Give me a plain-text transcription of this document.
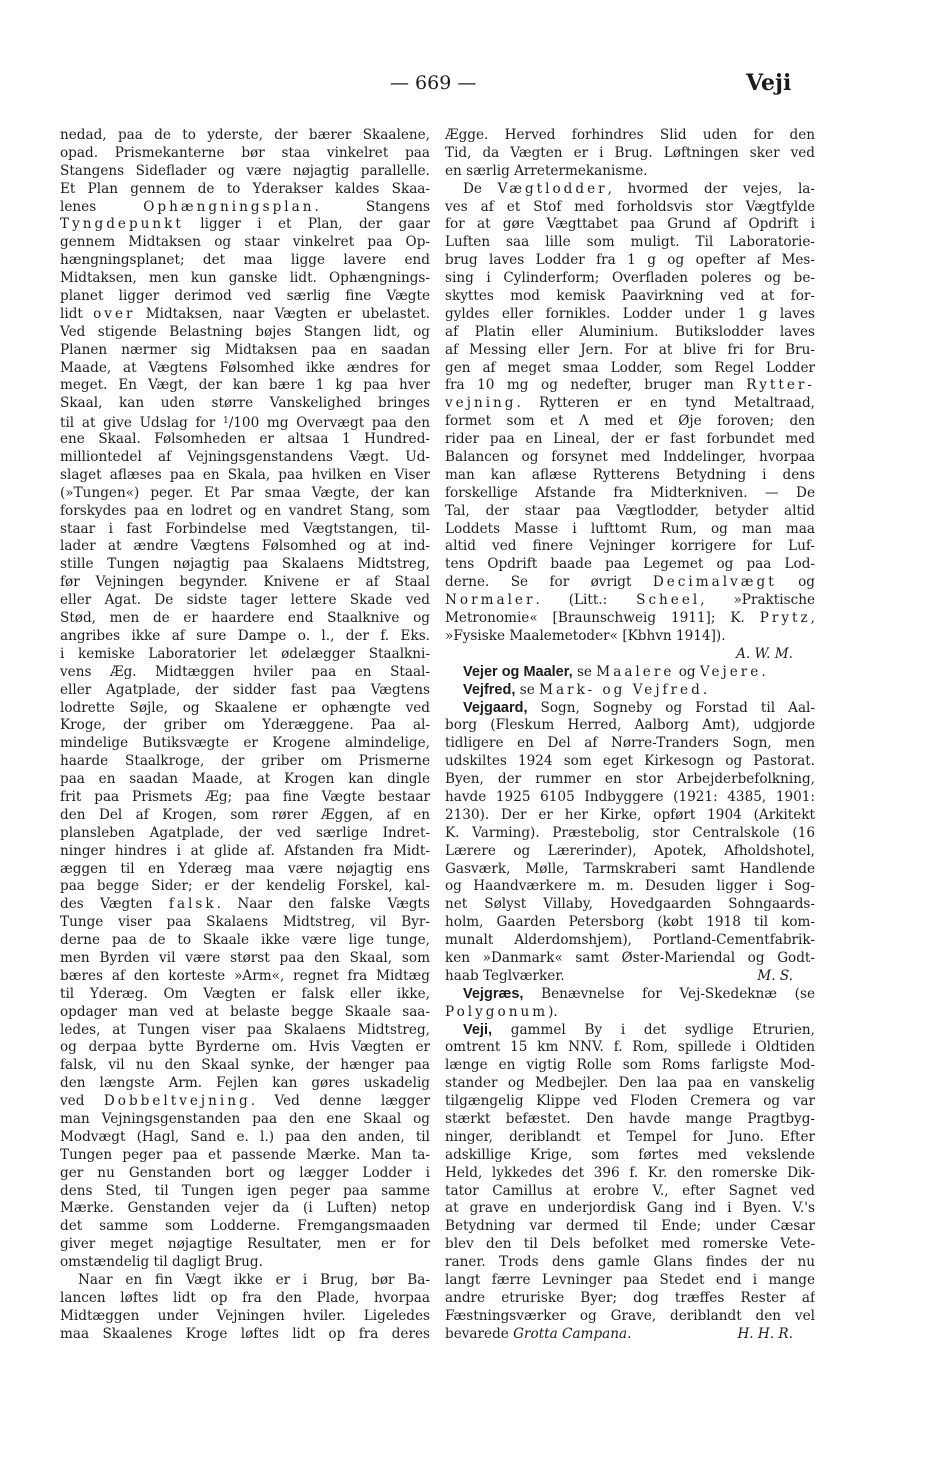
— 669 —	Veji
nedad, paa de to yderste, der bærer Skaalene,
opad. Prismekanterne bør staa vinkelret paa
Stangens Sideflader og være nøjagtig parallelle.
Et Plan gennem de to Yderakser kaldes Skaa-
lenes Ophængningsplan. Stangens
Tyngdepunkt ligger i et Plan, der gaar
gennem Midtaksen og staar vinkelret paa Op-
hængningsplanet; det maa ligge lavere end
Midtaksen, men kun ganske lidt. Ophængnings-
planet ligger derimod ved særlig fine Vægte
lidt over Midtaksen, naar Vægten er ubelastet.
Ved stigende Belastning bøjes Stangen lidt, og
Planen nærmer sig Midtaksen paa en saadan
Maade, at Vægtens Følsomhed ikke ændres for
meget. En Vægt, der kan bære 1 kg paa hver
Skaal, kan uden større Vanskelighed bringes
til at give Udslag for $^1$/100 mg Overvægt paa den
ene Skaal. Følsomheden er altsaa 1 Hundred-
milliontedel af Vejningsgenstandens Vægt. Ud-
slaget aflæses paa en Skala, paa hvilken en Viser
(»Tungen«) peger. Et Par smaa Vægte, der kan
forskydes paa en lodret og en vandret Stang, som
staar i fast Forbindelse med Vægtstangen, til-
lader at ændre Vægtens Følsomhed og at ind-
stille Tungen nøjagtig paa Skalaens Midtstreg,
før Vejningen begynder. Knivene er af Staal
eller Agat. De sidste tager lettere Skade ved
Stød, men de er haardere end Staalknive og
angribes ikke af sure Dampe o. l., der f. Eks.
i kemiske Laboratorier let ødelægger Staalkni-
vens Æg. Midtæggen hviler paa en Staal-
eller Agatplade, der sidder fast paa Vægtens
lodrette Søjle, og Skaalene er ophængte ved
Kroge, der griber om Yderæggene. Paa al-
mindelige Butiksvægte er Krogene almindelige,
haarde Staalkroge, der griber om Prismerne
paa en saadan Maade, at Krogen kan dingle
frit paa Prismets Æg; paa fine Vægte bestaar
den Del af Krogen, som rører Æggen, af en
plansleben Agatplade, der ved særlige Indret-
ninger hindres i at glide af. Afstanden fra Midt-
æggen til en Yderæg maa være nøjagtig ens
paa begge Sider; er der kendelig Forskel, kal-
des Vægten falsk. Naar den falske Vægts
Tunge viser paa Skalaens Midtstreg, vil Byr-
derne paa de to Skaale ikke være lige tunge,
men Byrden vil være størst paa den Skaal, som
bæres af den korteste »Arm«, regnet fra Midtæg
til Yderæg. Om Vægten er falsk eller ikke,
opdager man ved at belaste begge Skaale saa-
ledes, at Tungen viser paa Skalaens Midtstreg,
og derpaa bytte Byrderne om. Hvis Vægten er
falsk, vil nu den Skaal synke, der hænger paa
den længste Arm. Fejlen kan gøres uskadelig
ved Dobbeltvejning. Ved denne lægger
man Vejningsgenstanden paa den ene Skaal og
Modvægt (Hagl, Sand e. l.) paa den anden, til
Tungen peger paa et passende Mærke. Man ta-
ger nu Genstanden bort og lægger Lodder i
dens Sted, til Tungen igen peger paa samme
Mærke. Genstanden vejer da (i Luften) netop
det samme som Lodderne. Fremgangsmaaden
giver meget nøjagtige Resultater, men er for
omstændelig til dagligt Brug.
Naar en fin Vægt ikke er i Brug, bør Ba-
lancen løftes lidt op fra den Plade, hvorpaa
Midtæggen under Vejningen hviler. Ligeledes
maa Skaalenes Kroge løftes lidt op fra deres
Ægge. Herved forhindres Slid uden for den
Tid, da Vægten er i Brug. Løftningen sker ved
en særlig Arretermekanisme.
De Vægtlodder, hvormed der vejes, la-
ves af et Stof med forholdsvis stor Vægtfylde
for at gøre Vægttabet paa Grund af Opdrift i
Luften saa lille som muligt. Til Laboratorie-
brug laves Lodder fra 1 g og opefter af Mes-
sing i Cylinderform; Overfladen poleres og be-
skyttes mod kemisk Paavirkning ved at for-
gyldes eller fornikles. Lodder under 1 g laves
af Platin eller Aluminium. Butikslodder laves
af Messing eller Jern. For at blive fri for Bru-
gen af meget smaa Lodder, som Regel Lodder
fra 10 mg og nedefter, bruger man Rytter-
vejning. Rytteren er en tynd Metaltraad,
formet som et Λ med et Øje foroven; den
rider paa en Lineal, der er fast forbundet med
Balancen og forsynet med Inddelinger, hvorpaa
man kan aflæse Rytterens Betydning i dens
forskellige Afstande fra Midterkniven. — De
Tal, der staar paa Vægtlodder, betyder altid
Loddets Masse i lufttomt Rum, og man maa
altid ved finere Vejninger korrigere for Luf-
tens Opdrift baade paa Legemet og paa Lod-
derne. Se for øvrigt Decimalvægt og
Normaler. (Litt.: Scheel, »Praktische
Metronomie« [Braunschweig 1911]; K. Prytz,
»Fysiske Maalemetoder« [Kbhvn 1914]).
A. W. M.
Vejer og Maaler, se Maalere og Vejere.
Vejfred, se Mark- og Vejfred.
Vejgaard, Sogn, Sogneby og Forstad til Aal-
borg (Fleskum Herred, Aalborg Amt), udgjorde
tidligere en Del af Nørre-Tranders Sogn, men
udskiltes 1924 som eget Kirkesogn og Pastorat.
Byen, der rummer en stor Arbejderbefolkning,
havde 1925 6105 Indbyggere (1921: 4385, 1901:
2130). Der er her Kirke, opført 1904 (Arkitekt
K. Varming). Præstebolig, stor Centralskole (16
Lærere og Lærerinder), Apotek, Afholdshotel,
Gasværk, Mølle, Tarmskraberi samt Handlende
og Haandværkere m. m. Desuden ligger i Sog-
net Sølyst Villaby, Hovedgaarden Sohngaards-
holm, Gaarden Petersborg (købt 1918 til kom-
munalt Alderdomshjem), Portland-Cementfabrik-
ken »Danmark« samt Øster-Mariendal og Godt-
haab Teglværker.	M. S.
Vejgræs, Benævnelse for Vej-Skedeknæ (se
Polygonum).
Veji, gammel By i det sydlige Etrurien,
omtrent 15 km NNV. f. Rom, spillede i Oldtiden
længe en vigtig Rolle som Roms farligste Mod-
stander og Medbejler. Den laa paa en vanskelig
tilgængelig Klippe ved Floden Cremera og var
stærkt befæstet. Den havde mange Pragtbyg-
ninger, deriblandt et Tempel for Juno. Efter
adskillige Krige, som førtes med vekslende
Held, lykkedes det 396 f. Kr. den romerske Dik-
tator Camillus at erobre V., efter Sagnet ved
at grave en underjordisk Gang ind i Byen. V.'s
Betydning var dermed til Ende; under Cæsar
blev den til Dels befolket med romerske Vete-
raner. Trods dens gamle Glans findes der nu
langt færre Levninger paa Stedet end i mange
andre etruriske Byer; dog træffes Rester af
Fæstningsværker og Grave, deriblandt den vel
bevarede Grotta Campana.	H. H. R.
